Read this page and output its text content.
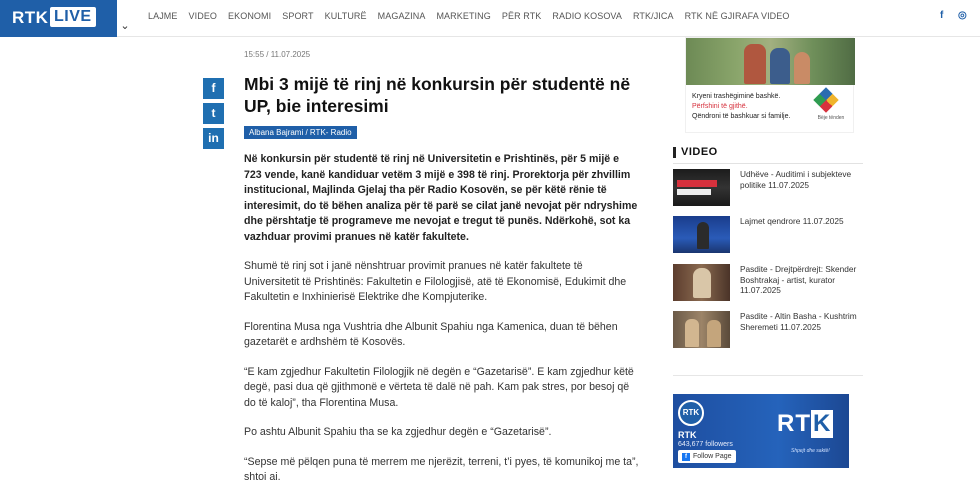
RTK LIVE
⌄
LAJME VIDEO EKONOMI SPORT KULTURË MAGAZINA MARKETING PËR RTK RADIO KOSOVA RTK/JICA RTK NË GJIRAFA VIDEO	f	◎
f
t
in
15:55 / 11.07.2025
Mbi 3 mijë të rinj në konkursin për studentë në UP, bie interesimi
Albana Bajrami / RTK- Radio
Në konkursin për studentë të rinj në Universitetin e Prishtinës, për 5 mijë e 723 vende, kanë kandiduar vetëm 3 mijë e 398 të rinj. Prorektorja për zhvillim institucional, Majlinda Gjelaj tha për Radio Kosovën, se për këtë rënie të interesimit, do të bëhen analiza për të parë se cilat janë nevojat për ndryshime dhe përshtatje të programeve me nevojat e tregut të punës. Ndërkohë, sot ka vazhduar provimi pranues në katër fakultete.
Shumë të rinj sot i janë nënshtruar provimit pranues në katër fakultete të Universitetit të Prishtinës: Fakultetin e Filologjisë, atë të Ekonomisë, Edukimit dhe Fakultetin e Inxhinierisë Elektrike dhe Kompjuterike.
Florentina Musa nga Vushtria dhe Albunit Spahiu nga Kamenica, duan të bëhen gazetarët e ardhshëm të Kosovës.
“E kam zgjedhur Fakultetin Filologjik në degën e “Gazetarisë”. E kam zgjedhur këtë degë, pasi dua që gjithmonë e vërteta të dalë në pah. Kam pak stres, por besoj që do të kaloj”, tha Florentina Musa.
Po ashtu Albunit Spahiu tha se ka zgjedhur degën e “Gazetarisë”.
“Sepse më pëlqen puna të merrem me njerëzit, terreni, t’i pyes, të komunikoj me ta”, shtoi ai.
Kryeni trashëgiminë bashkë.
Përfshini të gjithë.
Qëndroni të bashkuar si familje.	Bëje tënden
VIDEO
Udhëve - Auditimi i subjekteve politike 11.07.2025
Lajmet qendrore 11.07.2025
Pasdite - Drejtpërdrejt: Skender Boshtrakaj - artist, kurator 11.07.2025
Pasdite - Altin Basha - Kushtrim Sheremeti 11.07.2025
RTK
RTK
643,677 followers
f Follow Page
RTK
Shpejt dhe saktë!
